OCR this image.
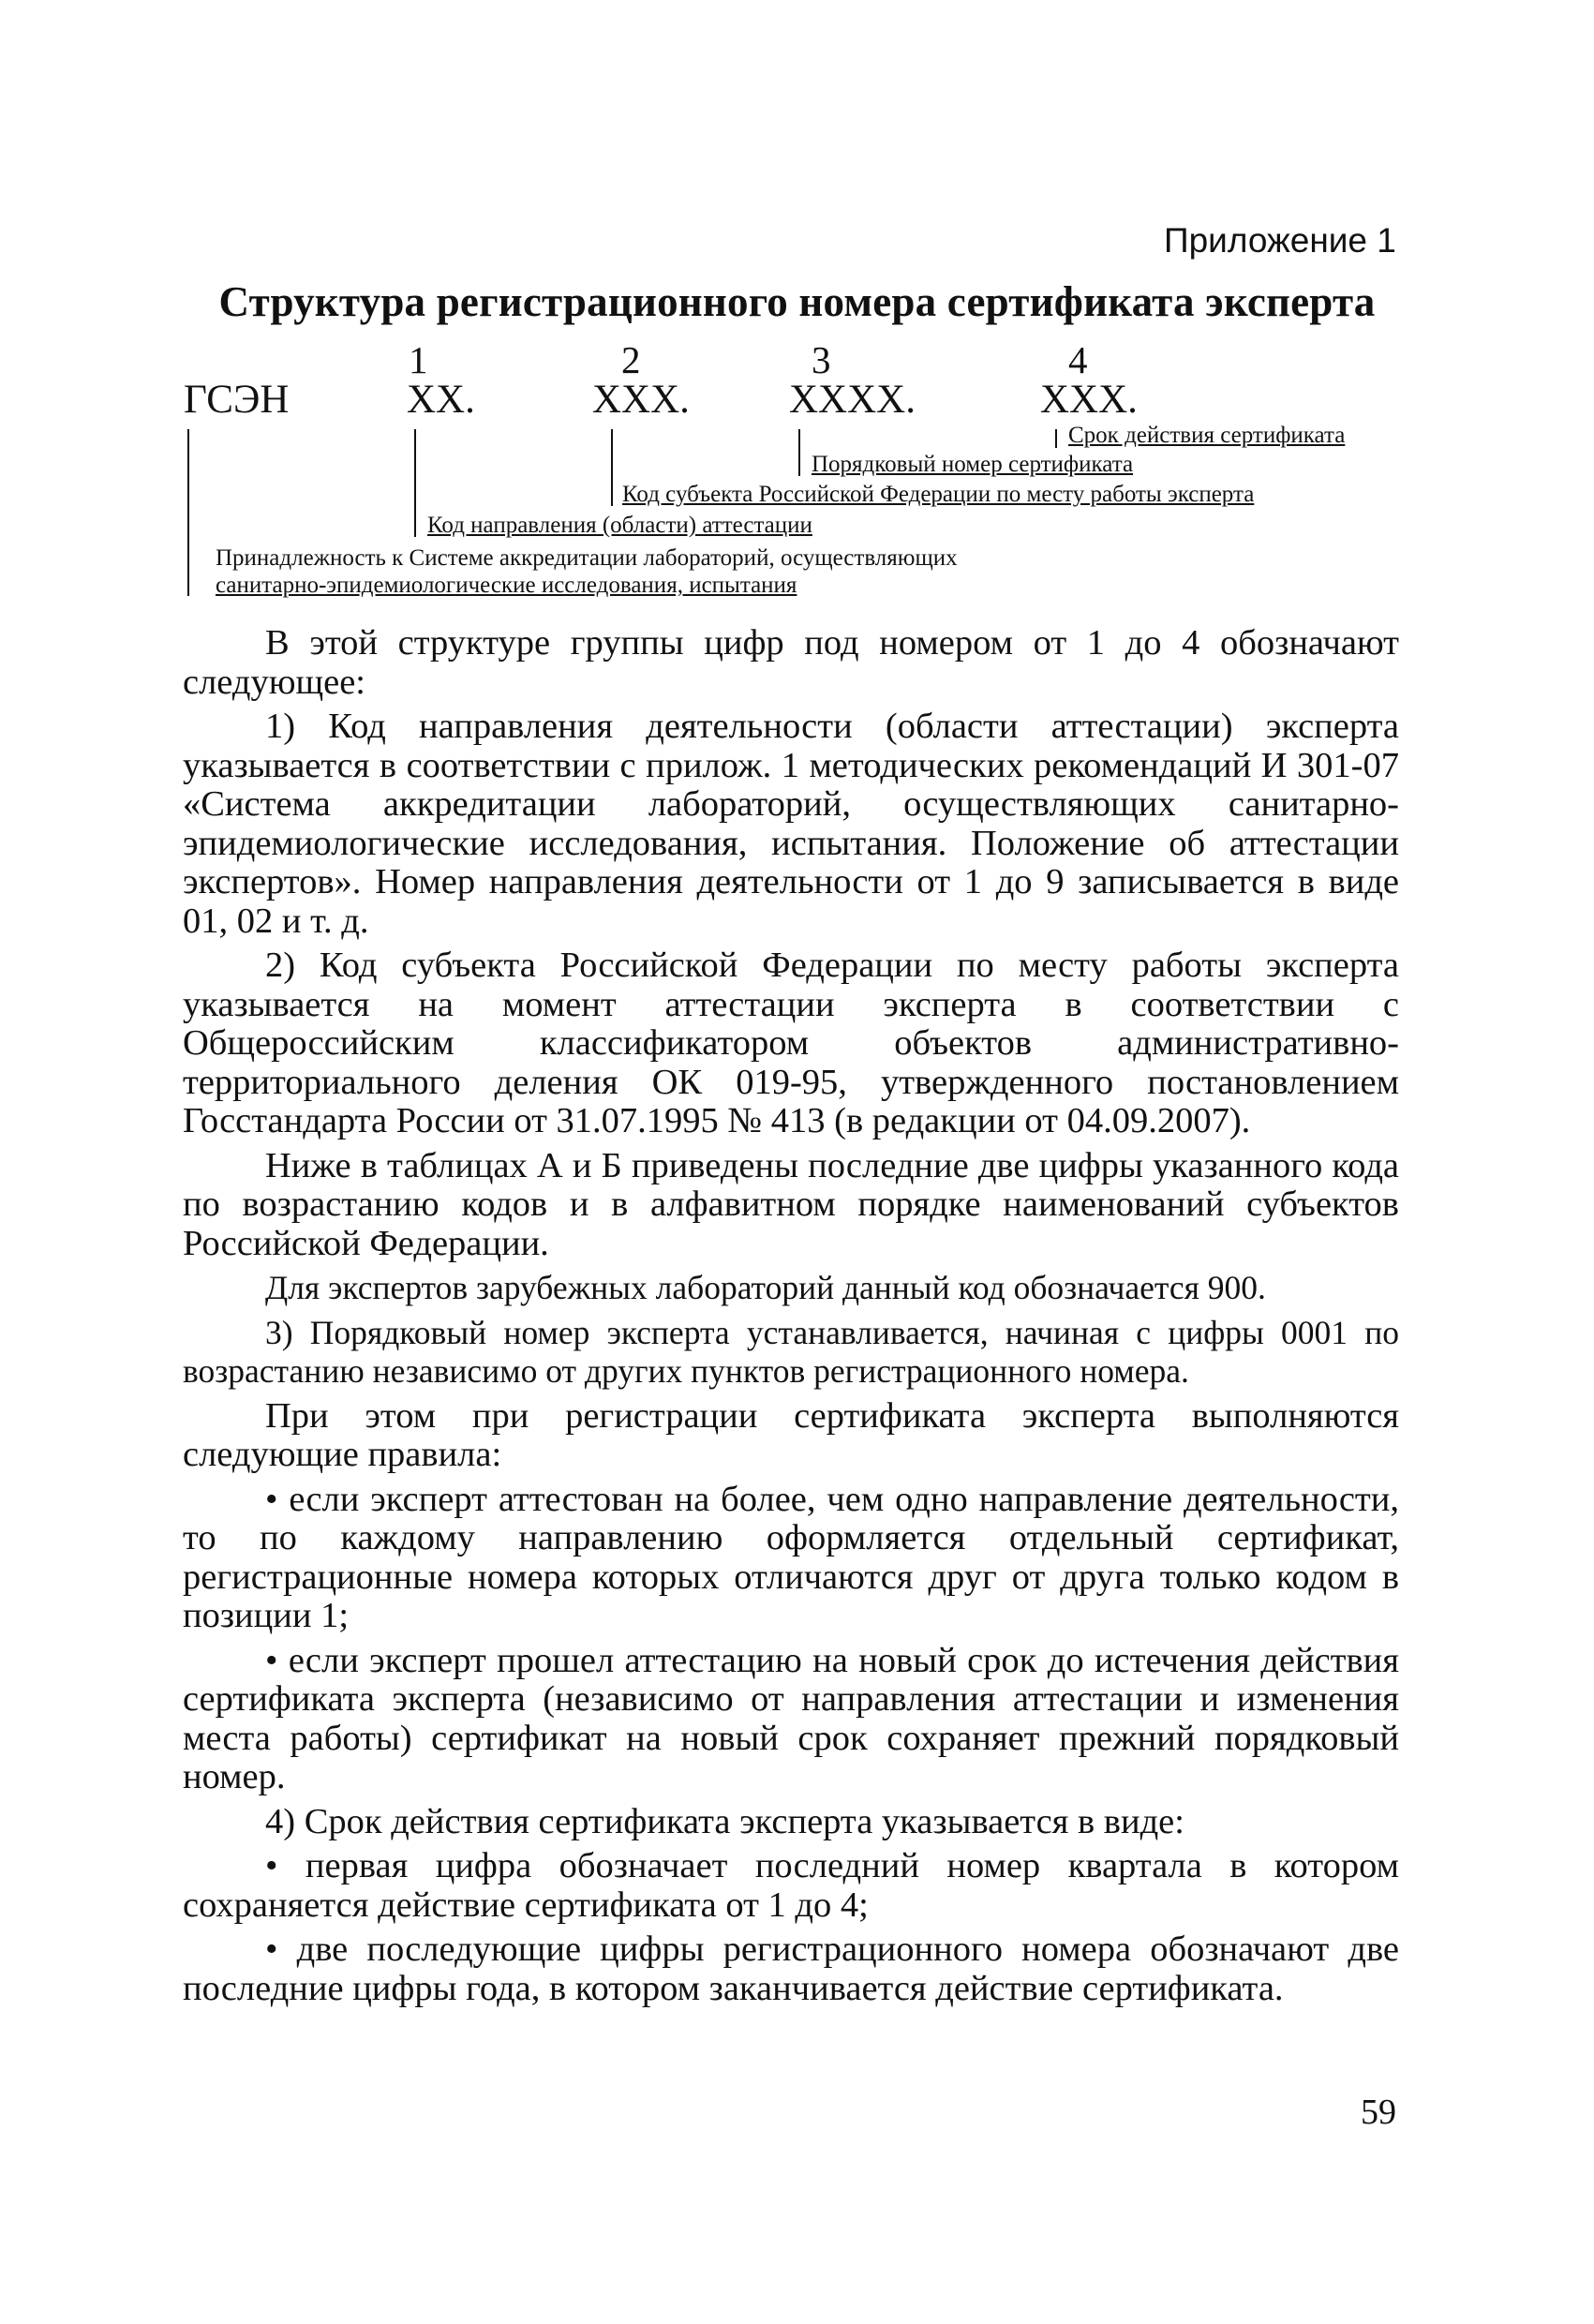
Приложение 1
Структура регистрационного номера сертификата эксперта
1	2	3	4
ГСЭН	ХХ.	ХХХ. ХХХХ.	ХХХ.
Срок действия сертификата
Порядковый номер сертификата
Код субъекта Российской Федерации по месту работы эксперта
Код направления (области) аттестации
Принадлежность к Системе аккредитации лабораторий, осуществляющих
санитарно-эпидемиологические исследования, испытания

В этой структуре группы цифр под номером от 1 до 4 обозначают следующее:

1) Код направления деятельности (области аттестации) эксперта указывается в соответствии с прилож. 1 методических рекомендаций И 301-07 «Система аккредитации лабораторий, осуществляющих санитарно-эпидемиологические исследования, испытания. Положение об аттестации экспертов». Номер направления деятельности от 1 до 9 записывается в виде 01, 02 и т. д.

2) Код субъекта Российской Федерации по месту работы эксперта указывается на момент аттестации эксперта в соответствии с Общероссийским классификатором объектов административно-территориального деления ОК 019-95, утвержденного постановлением Госстандарта России от 31.07.1995 № 413 (в редакции от 04.09.2007).

Ниже в таблицах А и Б приведены последние две цифры указанного кода по возрастанию кодов и в алфавитном порядке наименований субъектов Российской Федерации.

Для экспертов зарубежных лабораторий данный код обозначается 900.

3) Порядковый номер эксперта устанавливается, начиная с цифры 0001 по возрастанию независимо от других пунктов регистрационного номера.

При этом при регистрации сертификата эксперта выполняются следующие правила:

• если эксперт аттестован на более, чем одно направление деятельности, то по каждому направлению оформляется отдельный сертификат, регистрационные номера которых отличаются друг от друга только кодом в позиции 1;

• если эксперт прошел аттестацию на новый срок до истечения действия сертификата эксперта (независимо от направления аттестации и изменения места работы) сертификат на новый срок сохраняет прежний порядковый номер.

4) Срок действия сертификата эксперта указывается в виде:

• первая цифра обозначает последний номер квартала в котором сохраняется действие сертификата от 1 до 4;

• две последующие цифры регистрационного номера обозначают две последние цифры года, в котором заканчивается действие сертификата.

59
